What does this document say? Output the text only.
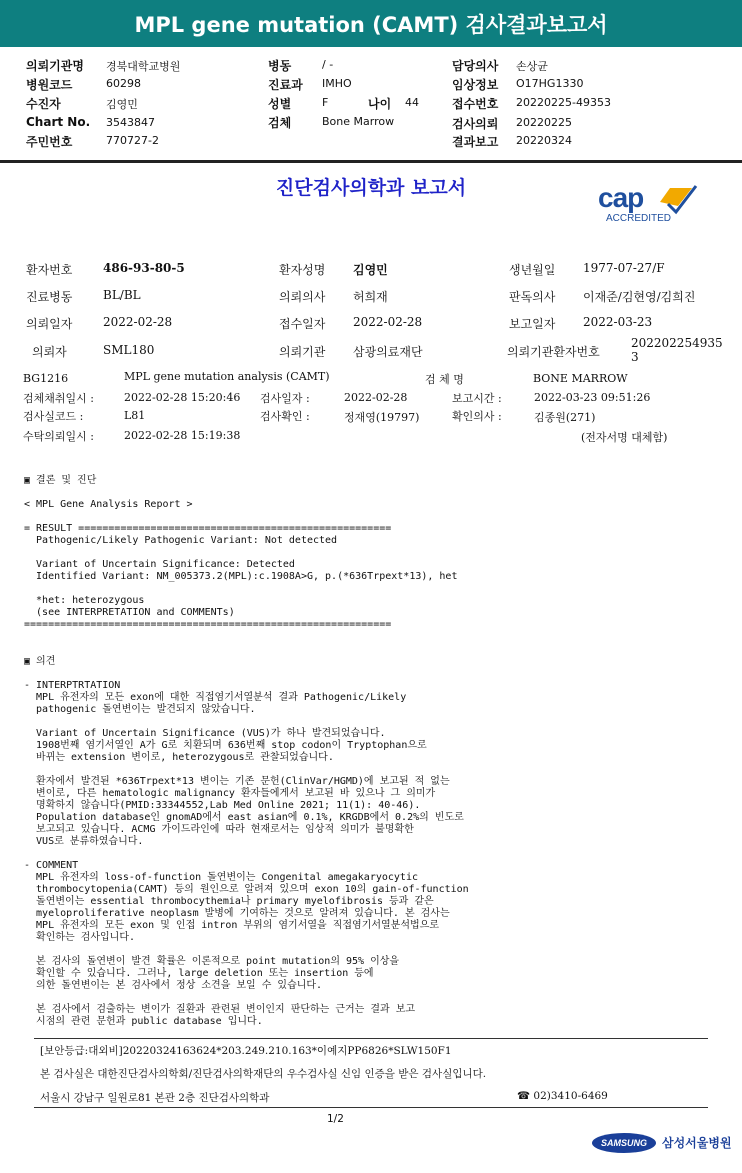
MPL gene mutation (CAMT) 검사결과보고서
의뢰기관명 경북대학교병원
병원코드	60298
수진자	김영민
Chart No. 3543847
주민번호	770727-2
병동	/ -
진료과 IMHO
성별	F	나이 44
검체	Bone Marrow
담당의사 손상균
임상정보 O17HG1330
접수번호 20220225-49353
검사의뢰 20220225
결과보고 20220324
진단검사의학과 보고서	cap
ACCREDITED
환자번호	486-93-80-5	환자성명 김영민	생년월일 1977-07-27/F
진료병동	BL/BL	의뢰의사 허희재	판독의사 이재준/김현영/김희진
의뢰일자	2022-02-28	접수일자 2022-02-28	보고일자 2022-03-23
의뢰자	SML180	의뢰기관 삼광의료재단	의뢰기관환자번호
202202254935
3
BG1216	MPL gene mutation analysis (CAMT)	검 체 명	BONE MARROW
검체채취일시 :	2022-02-28 15:20:46 검사일자 :	2022-02-28	보고시간 :	2022-03-23 09:51:26
검사실코드 :	L81	검사확인 :	정재영(19797)	확인의사 :	김종원(271)
수탁의뢰일시 :	2022-02-28 15:19:38	(전자서명 대체함)
▣ 결론 및 진단
< MPL Gene Analysis Report >

= RESULT ====================================================
Pathogenic/Likely Pathogenic Variant: Not detected

Variant of Uncertain Significance: Detected
Identified Variant: NM_005373.2(MPL):c.1908A>G, p.(*636Trpext*13), het

*het: heterozygous
(see INTERPRETATION and COMMENTs)
=============================================================
▣ 의견
- INTERPTRTATION
MPL 유전자의 모든 exon에 대한 직접염기서열분석 결과 Pathogenic/Likely
pathogenic 돌연변이는 발견되지 않았습니다.

Variant of Uncertain Significance (VUS)가 하나 발견되었습니다.
1908번째 염기서열인 A가 G로 치환되며 636번째 stop codon이 Tryptophan으로
바뀌는 extension 변이로, heterozygous로 관찰되었습니다.

환자에서 발견된 *636Trpext*13 변이는 기존 문헌(ClinVar/HGMD)에 보고된 적 없는
변이로, 다른 hematologic malignancy 환자들에게서 보고된 바 있으나 그 의미가
명확하지 않습니다(PMID:33344552,Lab Med Online 2021; 11(1): 40-46).
Population database인 gnomAD에서 east asian에 0.1%, KRGDB에서 0.2%의 빈도로
보고되고 있습니다. ACMG 가이드라인에 따라 현재로서는 임상적 의미가 불명확한
VUS로 분류하였습니다.

- COMMENT
MPL 유전자의 loss-of-function 돌연변이는 Congenital amegakaryocytic
thrombocytopenia(CAMT) 등의 원인으로 알려져 있으며 exon 10의 gain-of-function
돌연변이는 essential thrombocythemia나 primary myelofibrosis 등과 같은
myeloproliferative neoplasm 발병에 기여하는 것으로 알려져 있습니다. 본 검사는
MPL 유전자의 모든 exon 및 인접 intron 부위의 염기서열을 직접염기서열분석법으로
확인하는 검사입니다.

본 검사의 돌연변이 발견 확률은 이론적으로 point mutation의 95% 이상을
확인할 수 있습니다. 그러나, large deletion 또는 insertion 등에
의한 돌연변이는 본 검사에서 정상 소견을 보일 수 있습니다.

본 검사에서 검출하는 변이가 질환과 관련된 변이인지 판단하는 근거는 결과 보고
시점의 관련 문헌과 public database 입니다.
[보안등급:대외비]20220324163624*203.249.210.163*이예지PP6826*SLW150F1
본 검사실은 대한진단검사의학회/진단검사의학재단의 우수검사실 신임 인증을 받은 검사실입니다.
서울시 강남구 일원로81 본관 2층 진단검사의학과	☎ 02)3410-6469
1/2
SAMSUNG 삼성서울병원
